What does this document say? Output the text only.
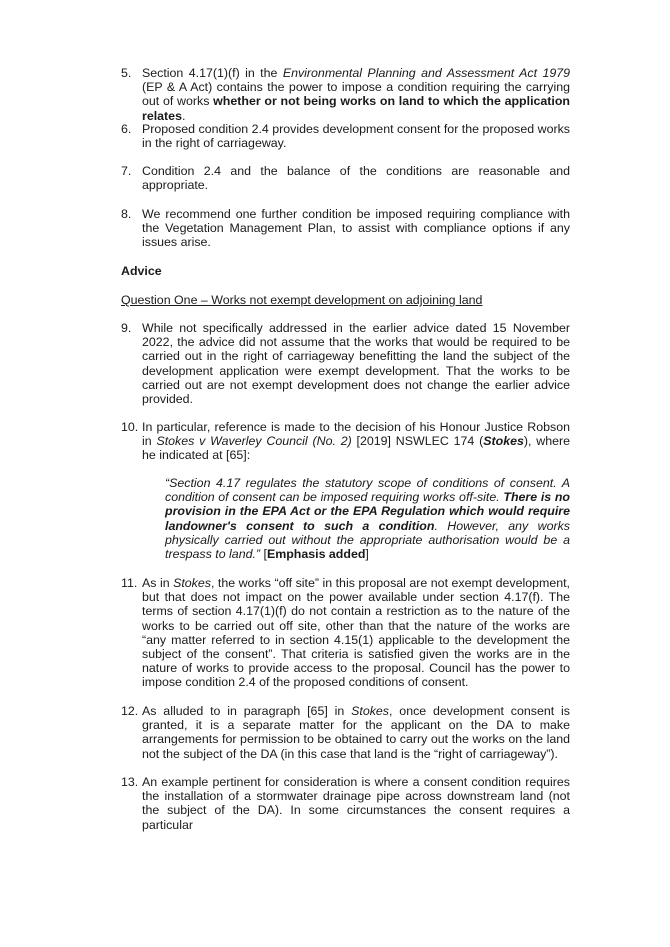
5. Section 4.17(1)(f) in the Environmental Planning and Assessment Act 1979 (EP & A Act) contains the power to impose a condition requiring the carrying out of works whether or not being works on land to which the application relates.
6. Proposed condition 2.4 provides development consent for the proposed works in the right of carriageway.
7. Condition 2.4 and the balance of the conditions are reasonable and appropriate.
8. We recommend one further condition be imposed requiring compliance with the Vegetation Management Plan, to assist with compliance options if any issues arise.
Advice
Question One – Works not exempt development on adjoining land
9. While not specifically addressed in the earlier advice dated 15 November 2022, the advice did not assume that the works that would be required to be carried out in the right of carriageway benefitting the land the subject of the development application were exempt development. That the works to be carried out are not exempt development does not change the earlier advice provided.
10. In particular, reference is made to the decision of his Honour Justice Robson in Stokes v Waverley Council (No. 2) [2019] NSWLEC 174 (Stokes), where he indicated at [65]:
“Section 4.17 regulates the statutory scope of conditions of consent. A condition of consent can be imposed requiring works off-site. There is no provision in the EPA Act or the EPA Regulation which would require landowner's consent to such a condition. However, any works physically carried out without the appropriate authorisation would be a trespass to land.” [Emphasis added]
11. As in Stokes, the works “off site” in this proposal are not exempt development, but that does not impact on the power available under section 4.17(f). The terms of section 4.17(1)(f) do not contain a restriction as to the nature of the works to be carried out off site, other than that the nature of the works are “any matter referred to in section 4.15(1) applicable to the development the subject of the consent”. That criteria is satisfied given the works are in the nature of works to provide access to the proposal. Council has the power to impose condition 2.4 of the proposed conditions of consent.
12. As alluded to in paragraph [65] in Stokes, once development consent is granted, it is a separate matter for the applicant on the DA to make arrangements for permission to be obtained to carry out the works on the land not the subject of the DA (in this case that land is the “right of carriageway”).
13. An example pertinent for consideration is where a consent condition requires the installation of a stormwater drainage pipe across downstream land (not the subject of the DA). In some circumstances the consent requires a particular
